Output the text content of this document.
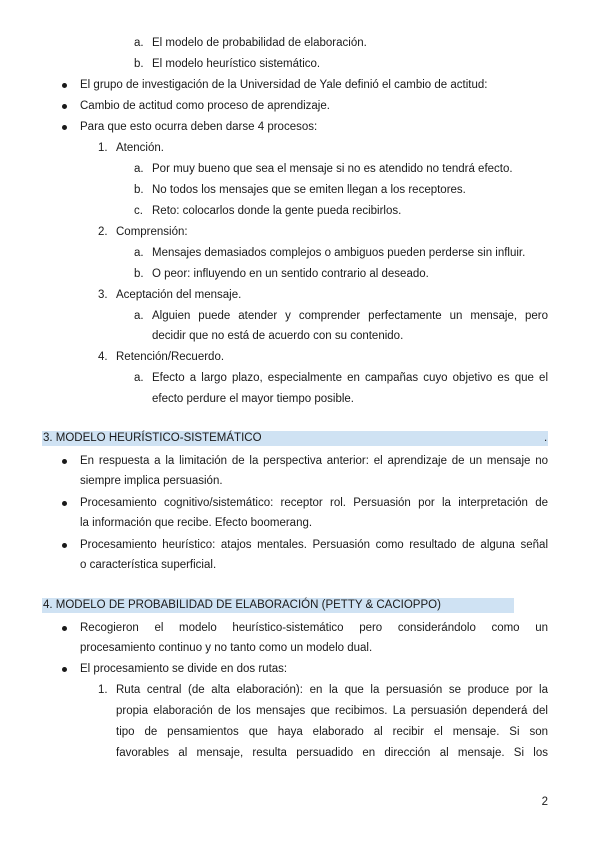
a. El modelo de probabilidad de elaboración.
b. El modelo heurístico sistemático.
El grupo de investigación de la Universidad de Yale definió el cambio de actitud:
Cambio de actitud como proceso de aprendizaje.
Para que esto ocurra deben darse 4 procesos:
1. Atención.
a. Por muy bueno que sea el mensaje si no es atendido no tendrá efecto.
b. No todos los mensajes que se emiten llegan a los receptores.
c. Reto: colocarlos donde la gente pueda recibirlos.
2. Comprensión:
a. Mensajes demasiados complejos o ambiguos pueden perderse sin influir.
b. O peor: influyendo en un sentido contrario al deseado.
3. Aceptación del mensaje.
a. Alguien puede atender y comprender perfectamente un mensaje, pero
decidir que no está de acuerdo con su contenido.
4. Retención/Recuerdo.
a. Efecto a largo plazo, especialmente en campañas cuyo objetivo es que el
efecto perdure el mayor tiempo posible.
3. MODELO HEURÍSTICO-SISTEMÁTICO	.
En respuesta a la limitación de la perspectiva anterior: el aprendizaje de un mensaje no
siempre implica persuasión.
Procesamiento cognitivo/sistemático: receptor rol. Persuasión por la interpretación de
la información que recibe. Efecto boomerang.
Procesamiento heurístico: atajos mentales. Persuasión como resultado de alguna señal
o característica superficial.
4. MODELO DE PROBABILIDAD DE ELABORACIÓN (PETTY & CACIOPPO)
Recogieron el modelo heurístico-sistemático pero considerándolo como un
procesamiento continuo y no tanto como un modelo dual.
El procesamiento se divide en dos rutas:
1. Ruta central (de alta elaboración): en la que la persuasión se produce por la
propia elaboración de los mensajes que recibimos. La persuasión dependerá del
tipo de pensamientos que haya elaborado al recibir el mensaje. Si son
favorables al mensaje, resulta persuadido en dirección al mensaje. Si los
2
